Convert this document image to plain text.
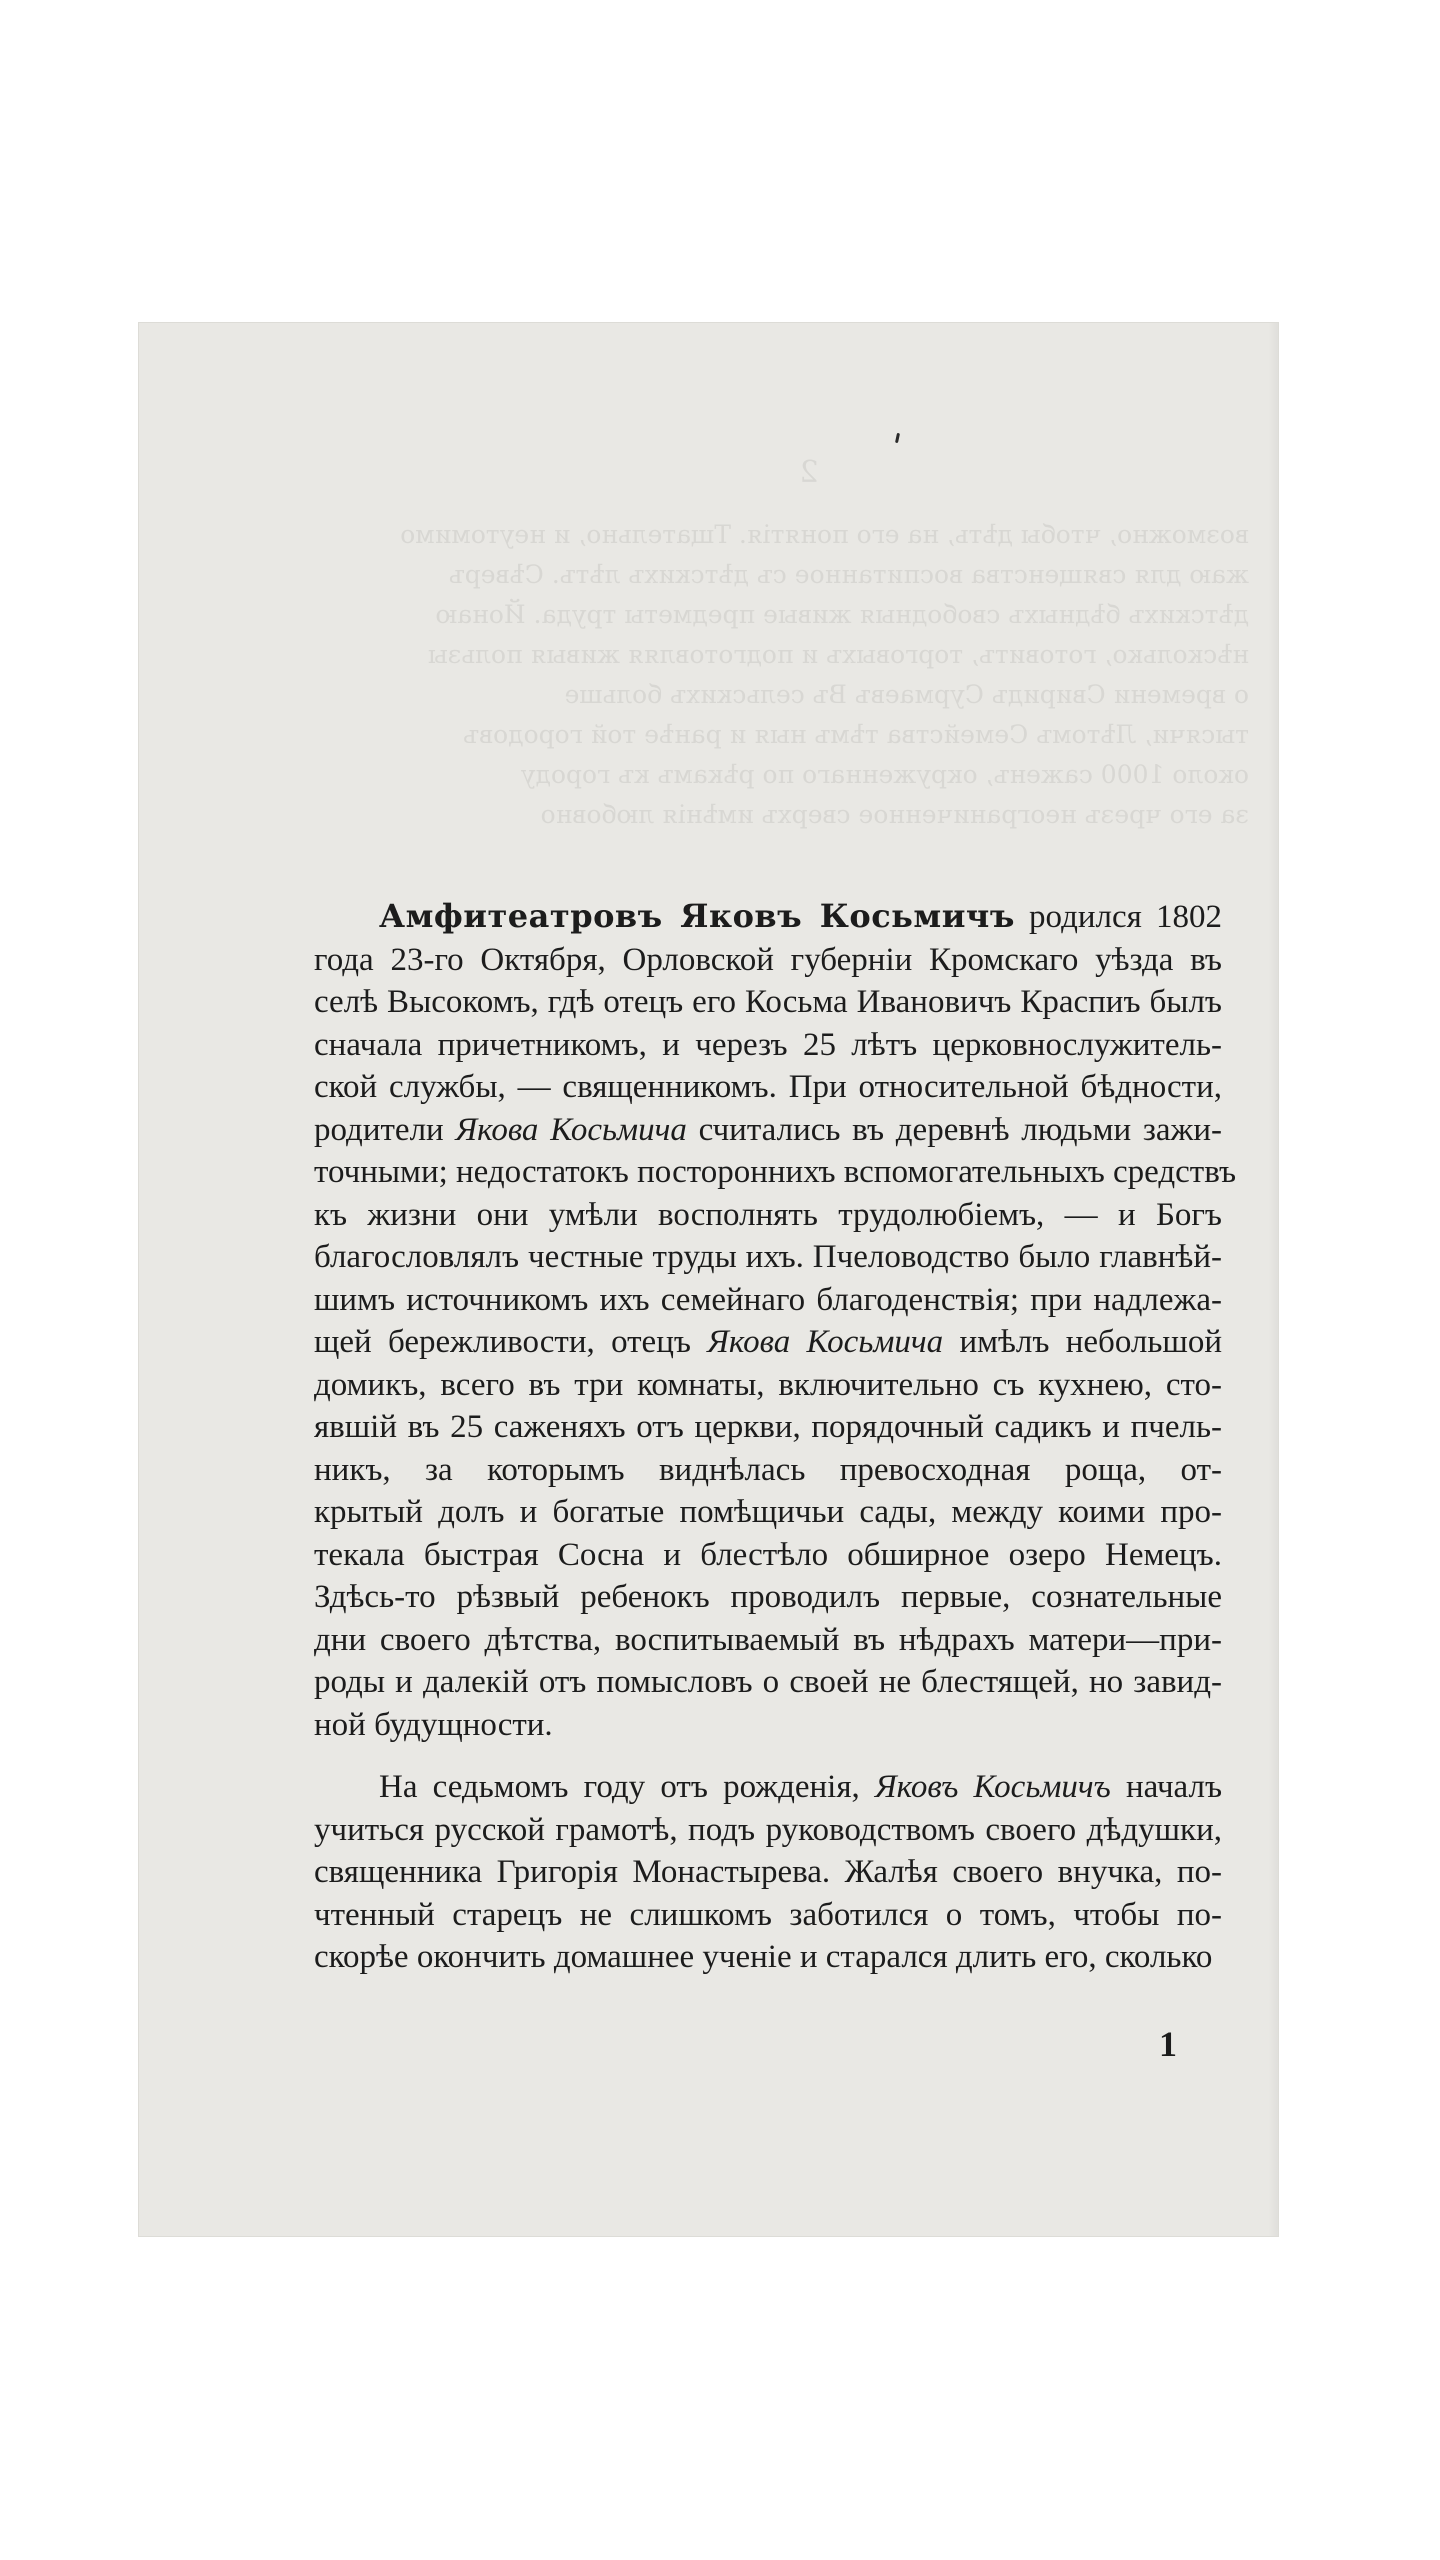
2
возможно, чтобы дѣть, на его понятія. Тщательно, и неутомимо
жаю для священства воспитанное съ дѣтскихъ лѣтъ. Сѣверъ
дѣтскихъ бѣдныхъ свободныя живые предметы труда. Йонаю
нѣсколько, готовитъ, торговыхъ и подготовляя живыя пользы
о времени Свиридъ Сурмаевъ Въ сельскихъ больше
тысячи, Лѣтомъ Семейства тѣмъ ныя и ранѣе той городовъ
около 1000 саженъ, окруженнаго по рѣкамъ къ городу
за его чрезъ неограниченное сверхъ имѣнія любовно
Амфитеатровъ Яковъ Косьмичъ родился 1802
года 23-го Октября, Орловской губерніи Кромскаго уѣзда въ
селѣ Высокомъ, гдѣ отецъ его Косьма Ивановичъ Краспиъ былъ
сначала причетникомъ, и черезъ 25 лѣтъ церковнослужитель-
ской службы, — священникомъ. При относительной бѣдности,
родители Якова Косьмича считались въ деревнѣ людьми зажи-
точными; недостатокъ постороннихъ вспомогательныхъ средствъ
къ жизни они умѣли восполнять трудолюбіемъ, — и Богъ
благословлялъ честные труды ихъ. Пчеловодство было главнѣй-
шимъ источникомъ ихъ семейнаго благоденствія; при надлежа-
щей бережливости, отецъ Якова Косьмича имѣлъ небольшой
домикъ, всего въ три комнаты, включительно съ кухнею, сто-
явшій въ 25 саженяхъ отъ церкви, порядочный садикъ и пчель-
никъ, за которымъ виднѣлась превосходная роща, от-
крытый долъ и богатые помѣщичьи сады, между коими про-
текала быстрая Сосна и блестѣло обширное озеро Немецъ.
Здѣсь-то рѣзвый ребенокъ проводилъ первые, сознательные
дни своего дѣтства, воспитываемый въ нѣдрахъ матери—при-
роды и далекій отъ помысловъ о своей не блестящей, но завид-
ной будущности.
На седьмомъ году отъ рожденія, Яковъ Косьмичъ началъ
учиться русской грамотѣ, подъ руководствомъ своего дѣдушки,
священника Григорія Монастырева. Жалѣя своего внучка, по-
чтенный старецъ не слишкомъ заботился о томъ, чтобы по-
скорѣе окончить домашнее ученіе и старался длить его, сколько
1
